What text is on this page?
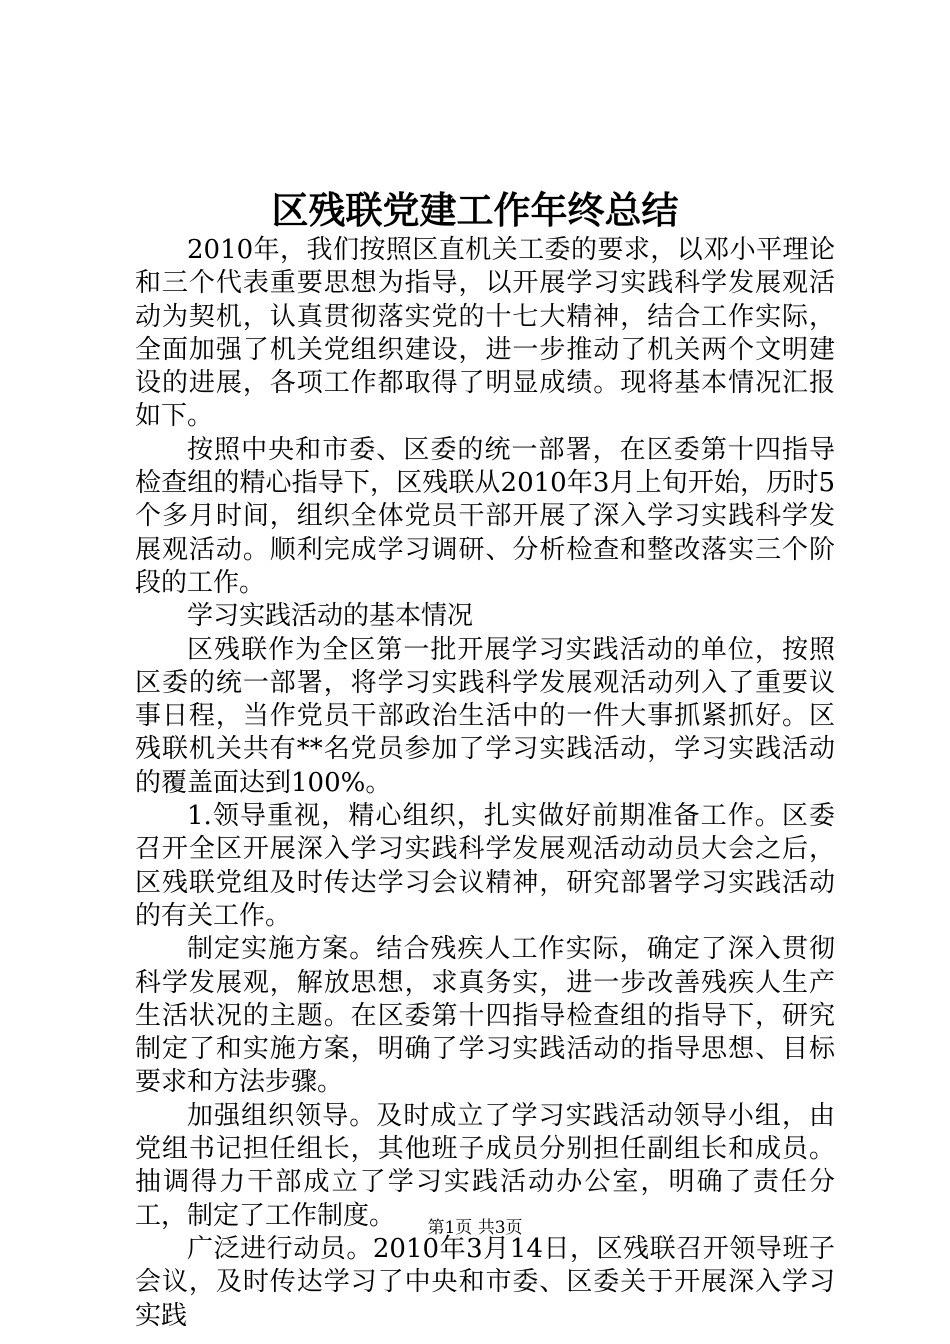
区残联党建工作年终总结

2010年，我们按照区直机关工委的要求，以邓小平理论和三个代表重要思想为指导，以开展学习实践科学发展观活动为契机，认真贯彻落实党的十七大精神，结合工作实际，全面加强了机关党组织建设，进一步推动了机关两个文明建设的进展，各项工作都取得了明显成绩。现将基本情况汇报如下。

按照中央和市委、区委的统一部署，在区委第十四指导检查组的精心指导下，区残联从2010年3月上旬开始，历时5个多月时间，组织全体党员干部开展了深入学习实践科学发展观活动。顺利完成学习调研、分析检查和整改落实三个阶段的工作。

学习实践活动的基本情况

区残联作为全区第一批开展学习实践活动的单位，按照区委的统一部署，将学习实践科学发展观活动列入了重要议事日程，当作党员干部政治生活中的一件大事抓紧抓好。区残联机关共有**名党员参加了学习实践活动，学习实践活动的覆盖面达到100%。

1.领导重视，精心组织，扎实做好前期准备工作。区委召开全区开展深入学习实践科学发展观活动动员大会之后，区残联党组及时传达学习会议精神，研究部署学习实践活动的有关工作。

制定实施方案。结合残疾人工作实际，确定了深入贯彻科学发展观，解放思想，求真务实，进一步改善残疾人生产生活状况的主题。在区委第十四指导检查组的指导下，研究制定了和实施方案，明确了学习实践活动的指导思想、目标要求和方法步骤。

加强组织领导。及时成立了学习实践活动领导小组，由党组书记担任组长，其他班子成员分别担任副组长和成员。抽调得力干部成立了学习实践活动办公室，明确了责任分工，制定了工作制度。

广泛进行动员。2010年3月14日，区残联召开领导班子会议，及时传达学习了中央和市委、区委关于开展深入学习实践

第1页 共3页
